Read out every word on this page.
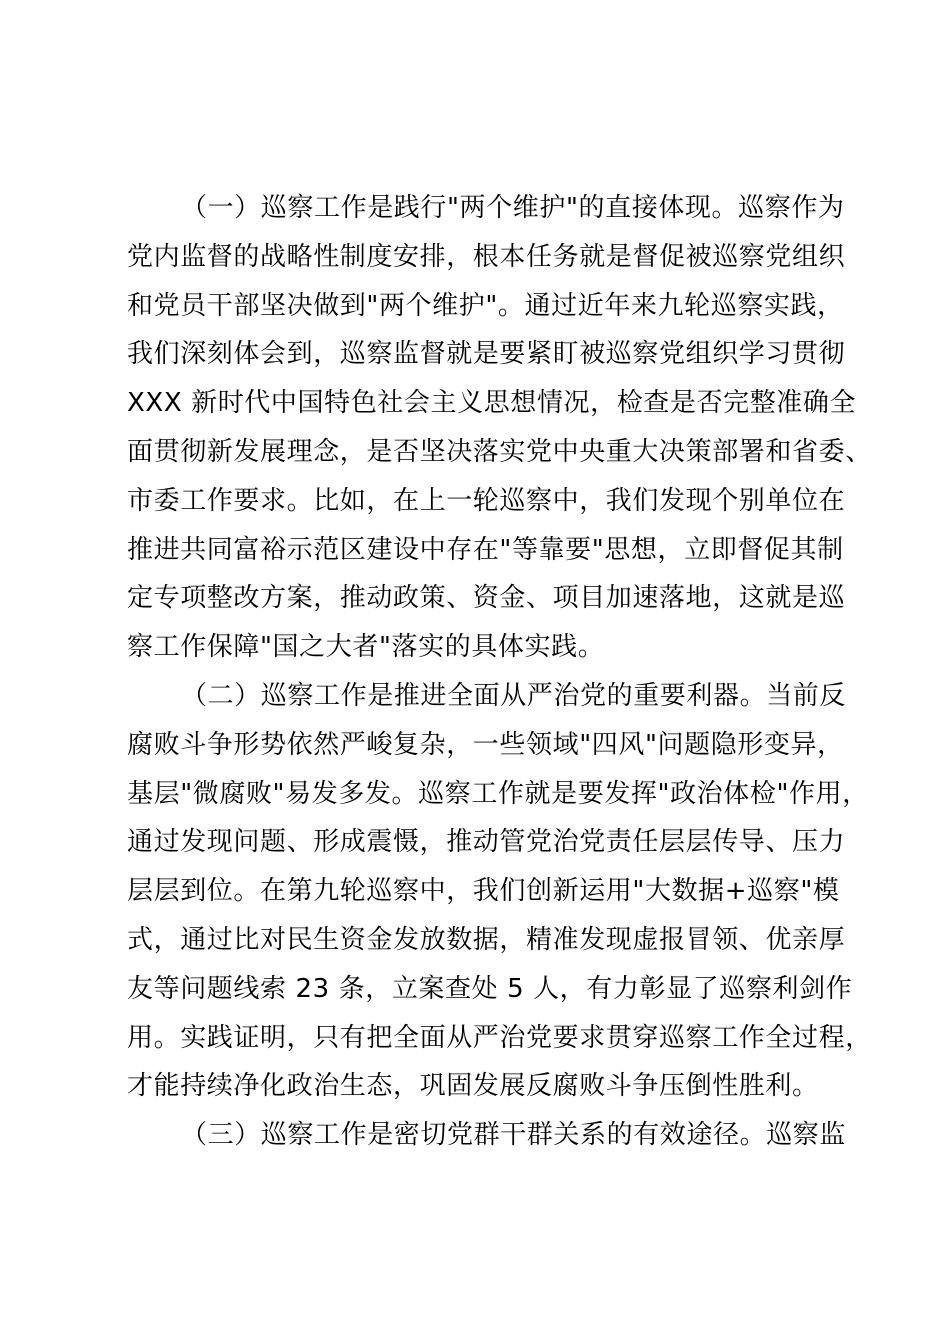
（一）巡察工作是践行"两个维护"的直接体现。巡察作为
党内监督的战略性制度安排，根本任务就是督促被巡察党组织
和党员干部坚决做到"两个维护"。通过近年来九轮巡察实践，
我们深刻体会到，巡察监督就是要紧盯被巡察党组织学习贯彻
XXX 新时代中国特色社会主义思想情况，检查是否完整准确全
面贯彻新发展理念，是否坚决落实党中央重大决策部署和省委、
市委工作要求。比如，在上一轮巡察中，我们发现个别单位在
推进共同富裕示范区建设中存在"等靠要"思想，立即督促其制
定专项整改方案，推动政策、资金、项目加速落地，这就是巡
察工作保障"国之大者"落实的具体实践。
（二）巡察工作是推进全面从严治党的重要利器。当前反
腐败斗争形势依然严峻复杂，一些领域"四风"问题隐形变异，
基层"微腐败"易发多发。巡察工作就是要发挥"政治体检"作用，
通过发现问题、形成震慑，推动管党治党责任层层传导、压力
层层到位。在第九轮巡察中，我们创新运用"大数据+巡察"模
式，通过比对民生资金发放数据，精准发现虚报冒领、优亲厚
友等问题线索 23 条，立案查处 5 人，有力彰显了巡察利剑作
用。实践证明，只有把全面从严治党要求贯穿巡察工作全过程，
才能持续净化政治生态，巩固发展反腐败斗争压倒性胜利。
（三）巡察工作是密切党群干群关系的有效途径。巡察监
